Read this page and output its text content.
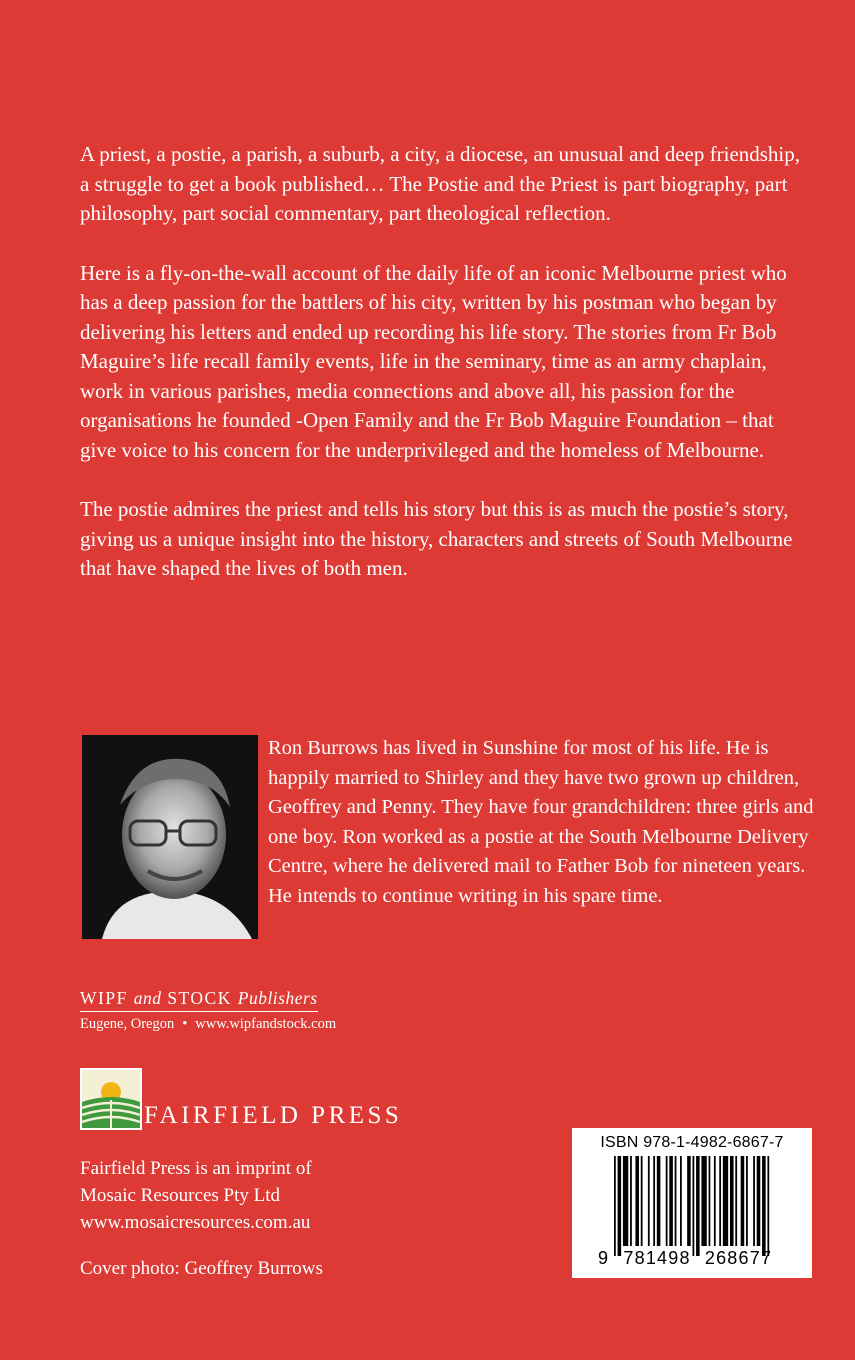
A priest, a postie, a parish, a suburb, a city, a diocese, an unusual and deep friendship, a struggle to get a book published… The Postie and the Priest is part biography, part philosophy, part social commentary, part theological reflection.

Here is a fly-on-the-wall account of the daily life of an iconic Melbourne priest who has a deep passion for the battlers of his city, written by his postman who began by delivering his letters and ended up recording his life story. The stories from Fr Bob Maguire’s life recall family events, life in the seminary, time as an army chaplain, work in various parishes, media connections and above all, his passion for the organisations he founded -Open Family and the Fr Bob Maguire Foundation – that give voice to his concern for the underprivileged and the homeless of Melbourne.

The postie admires the priest and tells his story but this is as much the postie’s story, giving us a unique insight into the history, characters and streets of South Melbourne that have shaped the lives of both men.

Ron Burrows has lived in Sunshine for most of his life. He is happily married to Shirley and they have two grown up children, Geoffrey and Penny. They have four grandchildren: three girls and one boy. Ron worked as a postie at the South Melbourne Delivery Centre, where he delivered mail to Father Bob for nineteen years. He intends to continue writing in his spare time.
WIPF and STOCK Publishers
Eugene, Oregon • www.wipfandstock.com
FAIRFIELD PRESS
Fairfield Press is an imprint of
Mosaic Resources Pty Ltd
www.mosaicresources.com.au
Cover photo: Geoffrey Burrows
ISBN 978-1-4982-6867-7
9 781498 268677
